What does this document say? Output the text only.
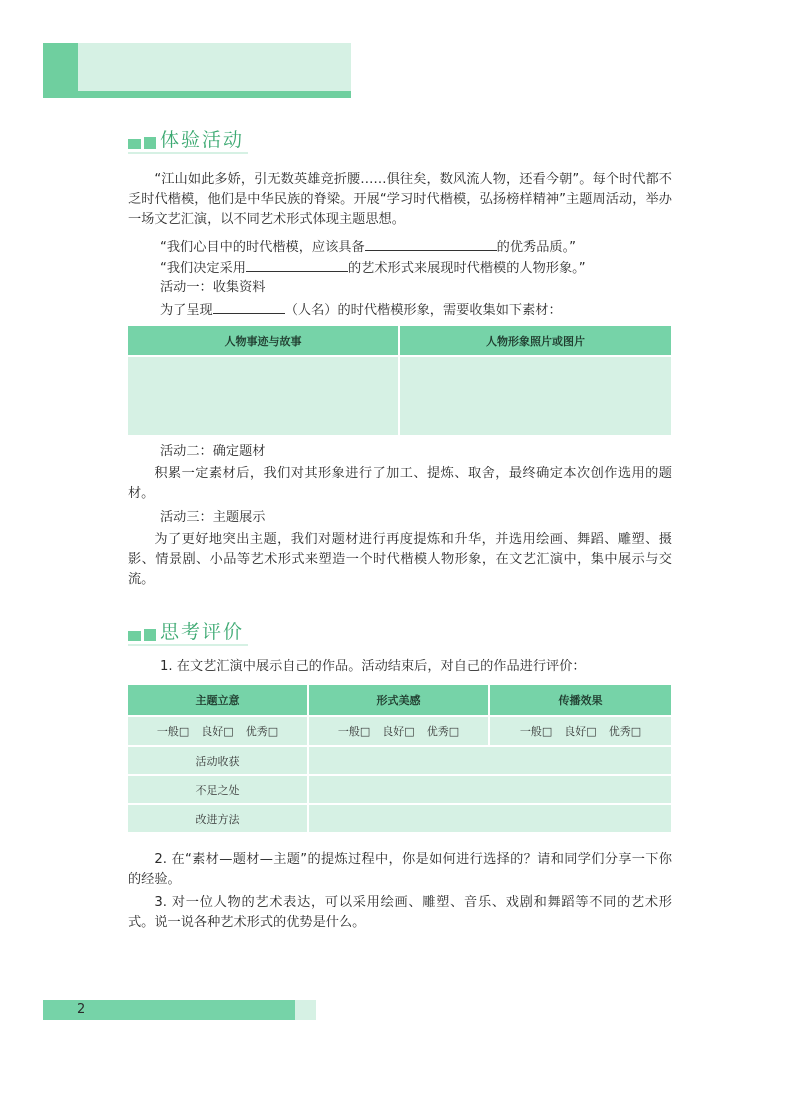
体验活动
“江山如此多娇，引无数英雄竞折腰……俱往矣，数风流人物，还看今朝”。每个时代都不乏时代楷模，他们是中华民族的脊梁。开展“学习时代楷模，弘扬榜样精神”主题周活动，举办一场文艺汇演，以不同艺术形式体现主题思想。
“我们心目中的时代楷模，应该具备	的优秀品质。”
“我们决定采用	的艺术形式来展现时代楷模的人物形象。”
活动一：收集资料
为了呈现	（人名）的时代楷模形象，需要收集如下素材：
人物事迹与故事	人物形象照片或图片

活动二：确定题材
积累一定素材后，我们对其形象进行了加工、提炼、取舍，最终确定本次创作选用的题材。
活动三：主题展示
为了更好地突出主题，我们对题材进行再度提炼和升华，并选用绘画、舞蹈、雕塑、摄影、情景剧、小品等艺术形式来塑造一个时代楷模人物形象，在文艺汇演中，集中展示与交流。
思考评价
1. 在文艺汇演中展示自己的作品。活动结束后，对自己的作品进行评价：
主题立意	形式美感	传播效果
一般□ 良好□ 优秀□	一般□ 良好□ 优秀□	一般□ 良好□ 优秀□
活动收获		
不足之处		
改进方法		
2. 在“素材—题材—主题”的提炼过程中，你是如何进行选择的？请和同学们分享一下你的经验。
3. 对一位人物的艺术表达，可以采用绘画、雕塑、音乐、戏剧和舞蹈等不同的艺术形式。说一说各种艺术形式的优势是什么。
2
